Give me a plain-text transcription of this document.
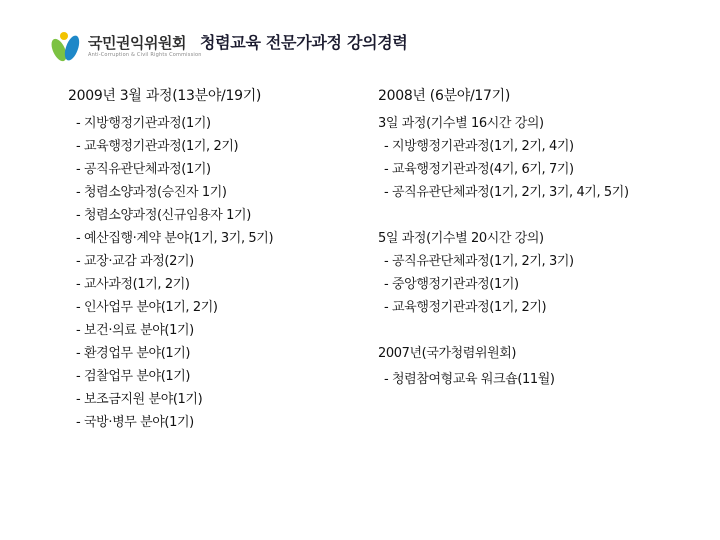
국민권익위원회
Anti-Corruption & Civil Rights Commission
청렴교육 전문가과정 강의경력
2009년 3월 과정(13분야/19기)
- 지방행정기관과정(1기)
- 교육행정기관과정(1기, 2기)
- 공직유관단체과정(1기)
- 청렴소양과정(승진자 1기)
- 청렴소양과정(신규임용자 1기)
- 예산집행·계약 분야(1기, 3기, 5기)
- 교장·교감 과정(2기)
- 교사과정(1기, 2기)
- 인사업무 분야(1기, 2기)
- 보건·의료 분야(1기)
- 환경업무 분야(1기)
- 검찰업무 분야(1기)
- 보조금지원 분야(1기)
- 국방·병무 분야(1기)
2008년 (6분야/17기)
3일 과정(기수별 16시간 강의)
- 지방행정기관과정(1기, 2기, 4기)
- 교육행정기관과정(4기, 6기, 7기)
- 공직유관단체과정(1기, 2기, 3기, 4기, 5기)
5일 과정(기수별 20시간 강의)
- 공직유관단체과정(1기, 2기, 3기)
- 중앙행정기관과정(1기)
- 교육행정기관과정(1기, 2기)
2007년(국가청렴위원회)
- 청렴참여형교육 워크숍(11월)
